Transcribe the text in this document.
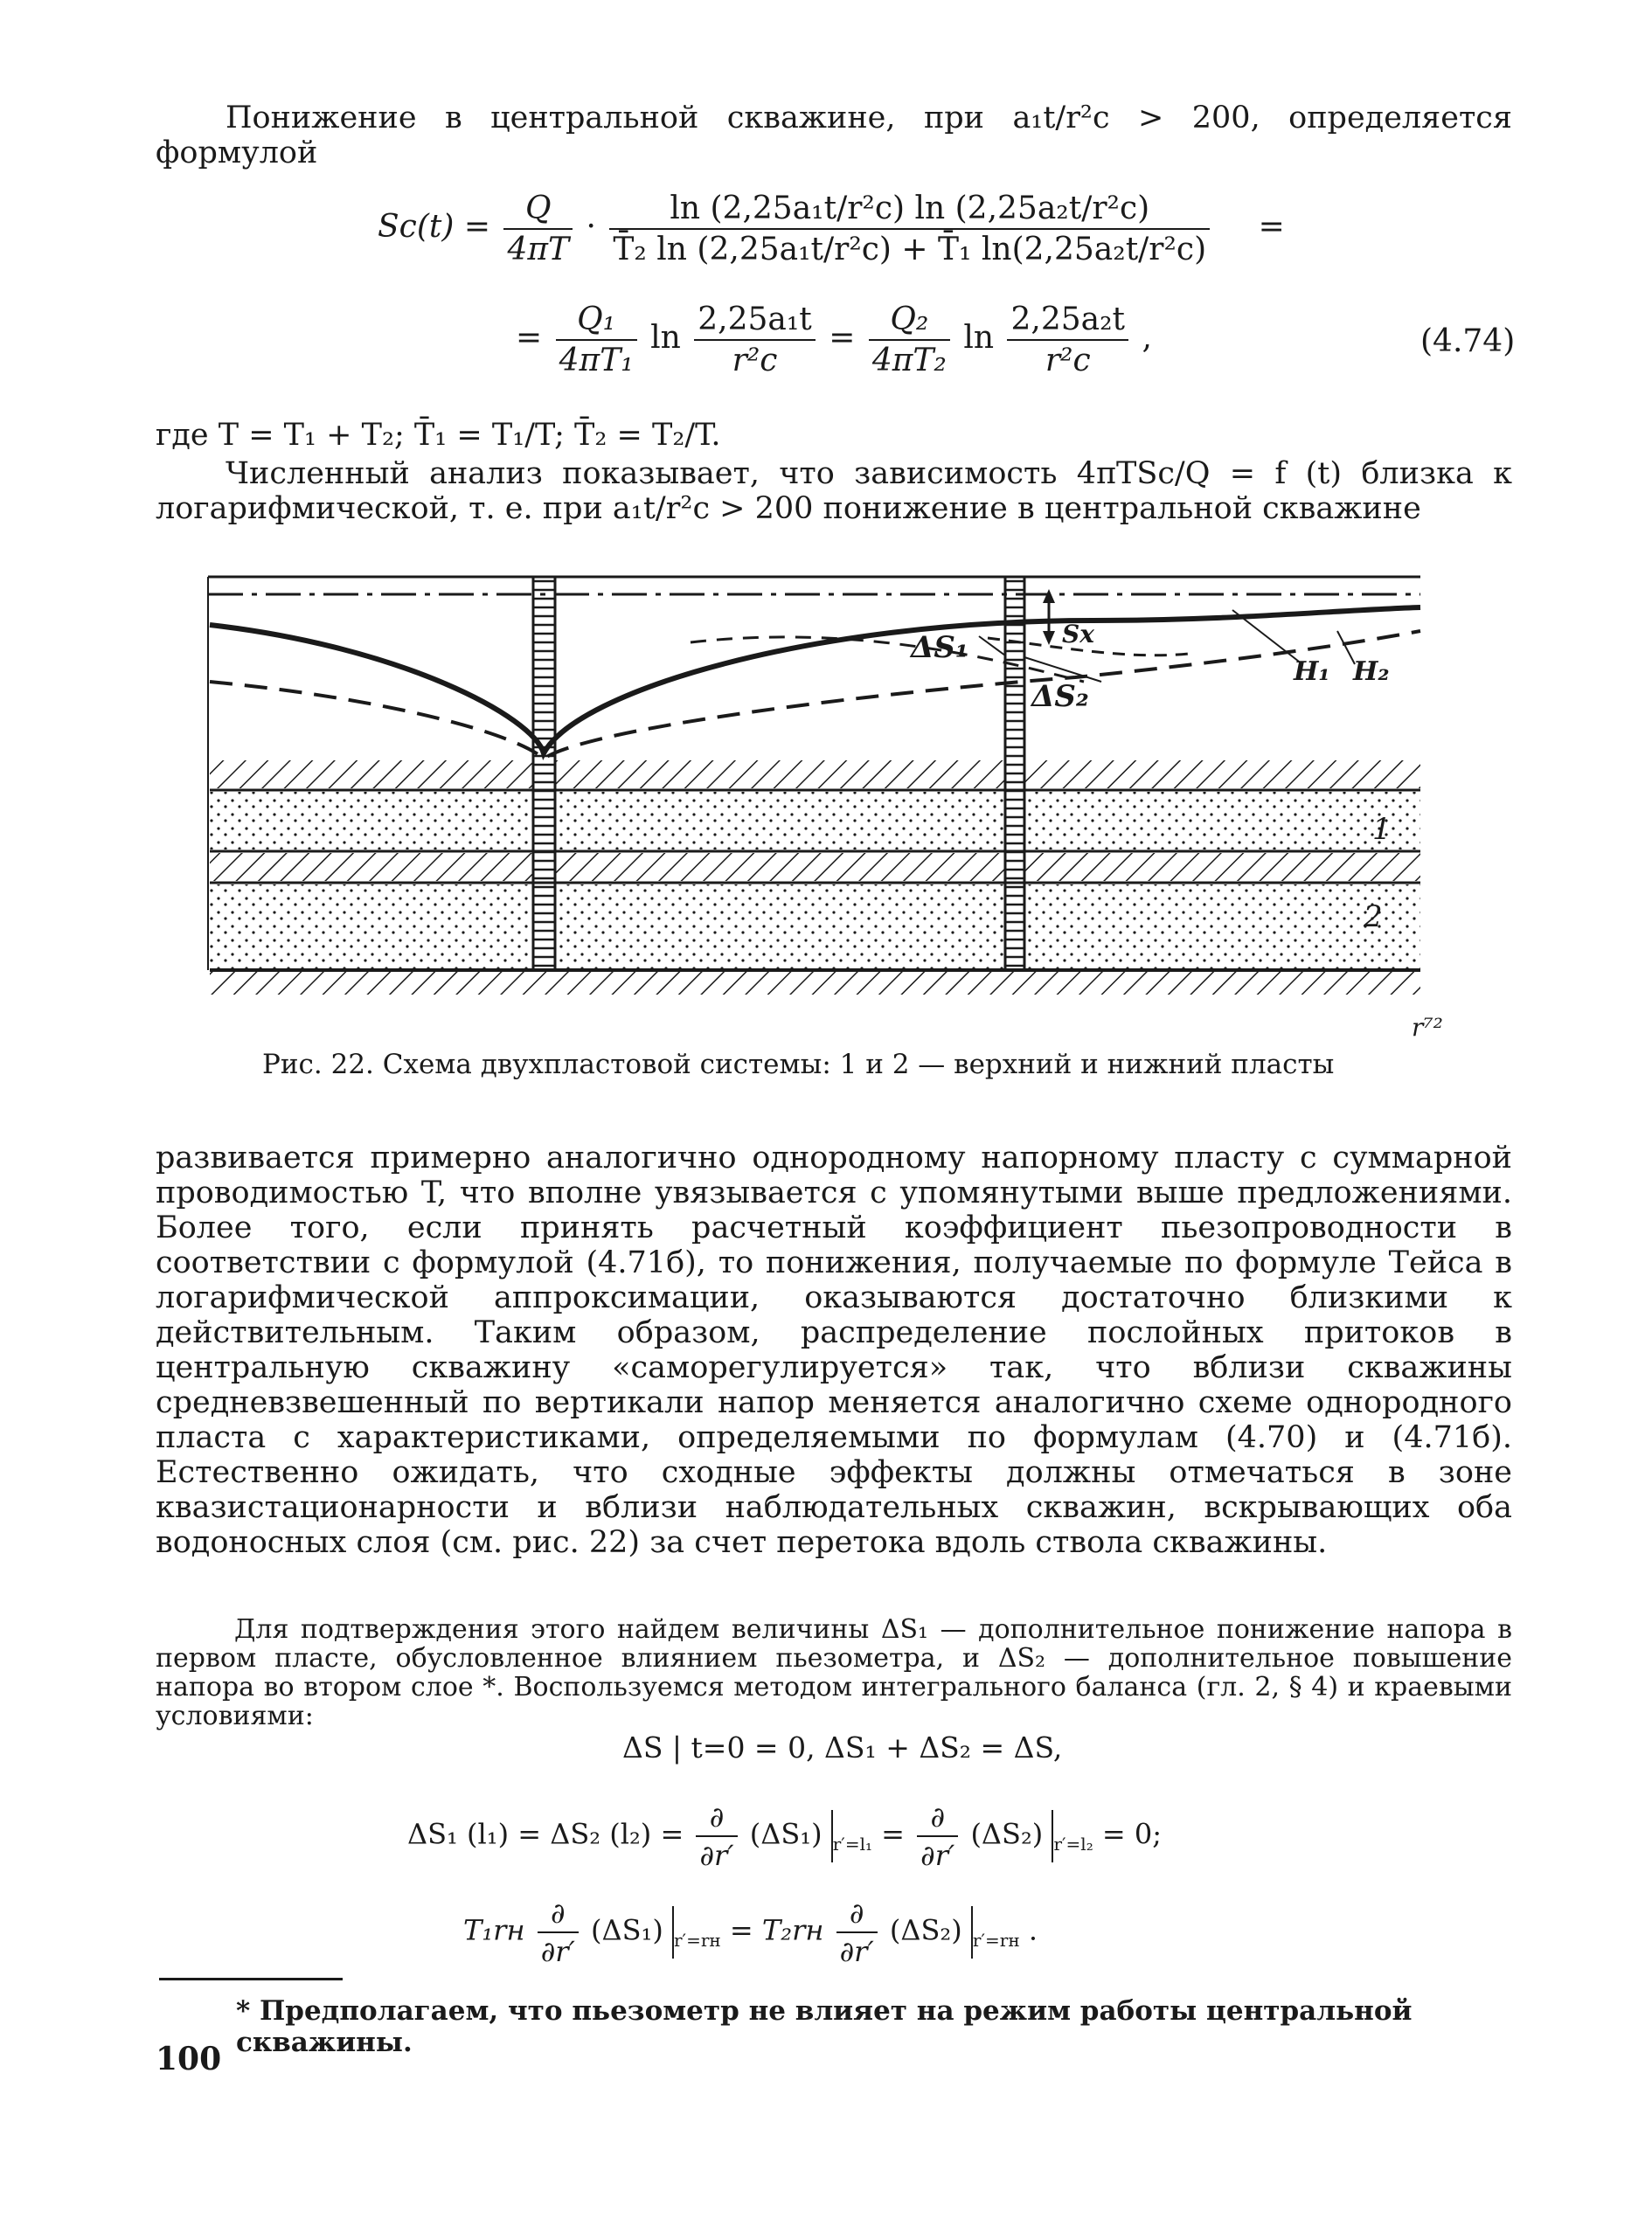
Понижение в центральной скважине, при a₁t/r²c > 200, определяется формулой
$Sc(t) = \frac{Q}{4\pi T} \cdot \frac{\text{ln (2,25a₁t/r²c) ln (2,25a₂t/r²c)}}{\text{T̄₂ ln (2,25a₁t/r²c) + T̄₁ ln(2,25a₂t/r²c)}}$ =
= $\frac{\text{Q₁}}{\text{4πT₁}}$ $\ln \frac{\text{2,25a₁t}}{\text{r²c}} = \frac{\text{Q₂}}{\text{4πT₂}}$ $\ln \frac{\text{2,25a₂t}}{\text{r²c}}$ ,	(4.74)
где T = T₁ + T₂; T̄₁ = T₁/T; T̄₂ = T₂/T.
Численный анализ показывает, что зависимость 4πTSc/Q = f (t) близка к логарифмической, т. е. при a₁t/r²c > 200 понижение в центральной скважине
ΔS₁
ΔS₂
Sx
H₁ H₂
1
2
r⁷²
Рис. 22. Схема двухпластовой системы: 1 и 2 — верхний и нижний пласты
развивается примерно аналогично однородному напорному пласту с суммарной проводимостью T, что вполне увязывается с упомянутыми выше предложениями. Более того, если принять расчетный коэффициент пьезопроводности в соответствии с формулой (4.71б), то понижения, получаемые по формуле Тейса в логарифмической аппроксимации, оказываются достаточно близкими к действительным. Таким образом, распределение послойных притоков в центральную скважину «саморегулируется» так, что вблизи скважины средневзвешенный по вертикали напор меняется аналогично схеме однородного пласта с характеристиками, определяемыми по формулам (4.70) и (4.71б). Естественно ожидать, что сходные эффекты должны отмечаться в зоне квазистационарности и вблизи наблюдательных скважин, вскрывающих оба водоносных слоя (см. рис. 22) за счет перетока вдоль ствола скважины.
Для подтверждения этого найдем величины ΔS₁ — дополнительное понижение напора в первом пласте, обусловленное влиянием пьезометра, и ΔS₂ — дополнительное повышение напора во втором слое *. Воспользуемся методом интегрального баланса (гл. 2, § 4) и краевыми условиями:
ΔS | t=0 = 0, ΔS₁ + ΔS₂ = ΔS,
ΔS₁ (l₁) = ΔS₂ $(l_2) = \frac{\partial}{\partial r'} (\Delta S_1) _{r'=l_1} = \frac{\partial}{\partial r'} (\Delta S_2) _{r'=l_2} = 0$;
$T_1rн \frac{\partial}{\partial r'} (\Delta S_1) _{r'=rн} = T_2rн \frac{\partial}{\partial r'} (\Delta S_2)$ $_{r'=rн}$ .
* Предполагаем, что пьезометр не влияет на режим работы центральной скважины.
100
